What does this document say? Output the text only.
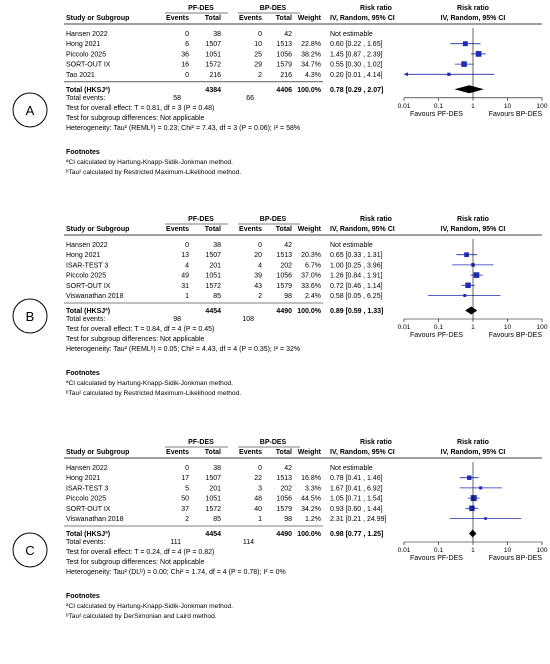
PF-DES	BP-DES	Risk ratio	Risk ratio
Study or Subgroup	Events Total	Events Total Weight IV, Random, 95% CI	IV, Random, 95% CI
Hansen 2022	0	38	0	42	Not estimable
Hong 2021	6 1507	10 1513 22.8% 0.60 [0.22 , 1.65]
Piccolo 2025	36 1051	25 1056 38.2% 1.45 [0.87 , 2.39]
SORT-OUT IX	16 1572	29 1579 34.7% 0.55 [0.30 , 1.02]
Tao 2021	0	216	2	216 4.3% 0.20 [0.01 , 4.14]
Total (HKSJª)	4384	4406 100.0% 0.78 [0.29 , 2.07]
Total events:	58	66
Test for overall effect: T = 0.81, df = 3 (P = 0.48)
Test for subgroup differences: Not applicable
Heterogeneity: Tau² (REMLᵇ) = 0.23; Chi² = 7.43, df = 3 (P = 0.06); I² = 58%
0.01	0.1	1	10	100
Favours PF-DES	Favours BP-DES
Footnotes
ªCI calculated by Hartung-Knapp-Sidik-Jonkman method.
ᵇTau² calculated by Restricted Maximum-Likelihood method.
A
PF-DES	BP-DES	Risk ratio	Risk ratio
Study or Subgroup	Events Total	Events Total Weight IV, Random, 95% CI	IV, Random, 95% CI
Hansen 2022	0	38	0	42	Not estimable
Hong 2021	13 1507	20 1513 20.3% 0.65 [0.33 , 1.31]
ISAR-TEST 3	4	201	4	202 6.7% 1.00 [0.25 , 3.96]
Piccolo 2025	49 1051	39 1056 37.0% 1.26 [0.84 , 1.91]
SORT-OUT IX	31 1572	43 1579 33.6% 0.72 [0.46 , 1.14]
Viswanathan 2018	1	85	2	98 2.4% 0.58 [0.05 , 6.25]
Total (HKSJª)	4454	4490 100.0% 0.89 [0.59 , 1.33]
Total events:	98	108
Test for overall effect: T = 0.84, df = 4 (P = 0.45)
Test for subgroup differences: Not applicable
Heterogeneity: Tau² (REMLᵇ) = 0.05; Chi² = 4.43, df = 4 (P = 0.35); I² = 32%
0.01	0.1	1	10	100
Favours PF-DES	Favours BP-DES
Footnotes
ªCI calculated by Hartung-Knapp-Sidik-Jonkman method.
ᵇTau² calculated by Restricted Maximum-Likelihood method.
B
PF-DES	BP-DES	Risk ratio	Risk ratio
Study or Subgroup	Events Total	Events Total Weight IV, Random, 95% CI	IV, Random, 95% CI
Hansen 2022	0	38	0	42	Not estimable
Hong 2021	17 1507	22 1513 16.8% 0.78 [0.41 , 1.46]
ISAR-TEST 3	5	201	3	202 3.3% 1.67 [0.41 , 6.92]
Piccolo 2025	50 1051	48 1056 44.5% 1.05 [0.71 , 1.54]
SORT-OUT IX	37 1572	40 1579 34.2% 0.93 [0.60 , 1.44]
Viswanathan 2018	2	85	1	98 1.2% 2.31 [0.21 , 24.99]
Total (HKSJª)	4454	4490 100.0% 0.98 [0.77 , 1.25]
Total events:	111	114
Test for overall effect: T = 0.24, df = 4 (P = 0.82)
Test for subgroup differences: Not applicable
Heterogeneity: Tau² (DLᵇ) = 0.00; Chi² = 1.74, df = 4 (P = 0.78); I² = 0%
0.01	0.1	1	10	100
Favours PF-DES	Favours BP-DES
Footnotes
ªCI calculated by Hartung-Knapp-Sidik-Jonkman method.
ᵇTau² calculated by DerSimonian and Laird method.
C
